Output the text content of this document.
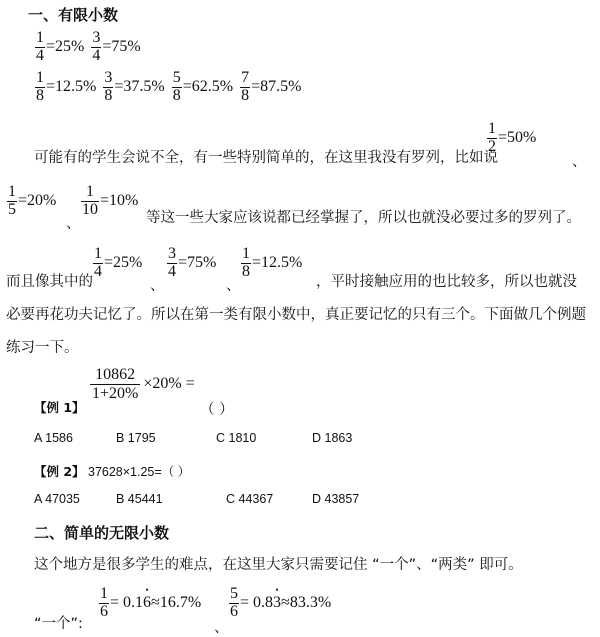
一、有限小数
$\frac{1}{4} =25\% \frac{3}{4} =75\%$
$\frac{1}{8} =12.5\% \frac{3}{8} =37.5\% \frac{5}{8} =62.5\% \frac{7}{8} =87.5\%$
可能有的学生会说不全，有一些特别简单的，在这里我没有罗列，比如说
$\frac{1}{2} =50\%$
、
$\frac{1}{5} =20\%$
、
$\frac{1}{10} =10\%$
等这一些大家应该说都已经掌握了，所以也就没必要过多的罗列了。
而且像其中的
$\frac{1}{4} =25\%$
、
$\frac{3}{4} =75\%$
、
$\frac{1}{8} =12.5\%$
，平时接触应用的也比较多，所以也就没
必要再花功夫记忆了。所以在第一类有限小数中，真正要记忆的只有三个。下面做几个例题
练习一下。
【例 1】
$\frac{10862}{1+20\%} \times 20\%$ =
（ ）
A 1586	B 1795	C 1810	D 1863
【例 2】 37628×1.25=（ ）
A 47035	B 45441	C 44367	D 43857
二、简单的无限小数
这个地方是很多学生的难点，在这里大家只需要记住 “一个”、“两类” 即可。
“一个”:
$\frac{1}{6} = 0.1$ 6 • ≈16.7%
、
$\frac{5}{6} = 0.8$ 3 • ≈83.3%
